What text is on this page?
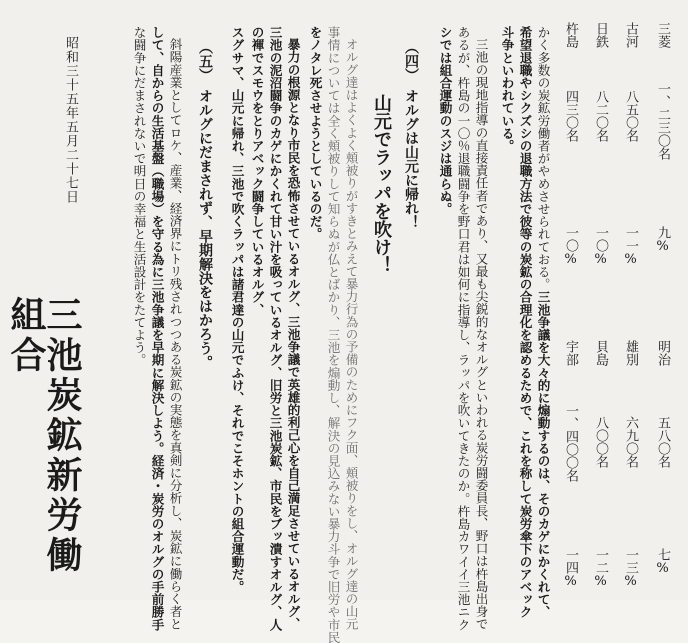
三菱
一、二三〇名
九%
明治
五八〇名
七%
古河
八五〇名
一一%
雄別
六九〇名
一三%
日鉄
八二〇名
一〇%
貝島
八〇〇名
一二%
杵島
四三〇名
一〇%
宇部
一、四〇〇名
一四%
かく多数の炭鉱労働者がやめさせられておる。三池争議を大々的に煽動するのは、そのカゲにかくれて、
希望退職やシクズシの退職方法で彼等の炭鉱の合理化を認めるためで、これを称して炭労傘下のアベック
斗争といわれている。
三池の現地指導の直接責任者であり、又最も尖鋭的なオルグといわれる炭労闘委員長、野口は杵島出身で
あるが、杵島の一〇％退職闘争を野口君は如何に指導し、ラッパを吹いてきたのか。杵島カワイイ三池ニク
シでは組合運動のスジは通らぬ。
（四）　オルグは山元に帰れ！
山元でラッパを吹け！
オルグ達はよくよく頬被りがすきとみえて暴力行為の予備のためにフク面、頬被りをし、オルグ達の山元
事情については全く頬被りして知らぬが仏とばかり、三池を煽動し、解決の見込みない暴力斗争で旧労や市民
をノタレ死させようとしているのだ。
暴力の根源となり市民を恐怖させているオルグ、三池争議で英雄的利己心を自己満足させているオルグ、
三池の泥沼闘争のカゲにかくれて甘い汁を吸っているオルグ、旧労と三池炭鉱、市民をブッ潰すオルグ、人
の褌でスモウをとりアベック闘争しているオルグ、
スグサマ、山元に帰れ、三池で吹くラッパは諸君達の山元でふけ、それでこそホントの組合運動だ。
（五）　オルグにだまされず、早期解決をはかろう。
斜陽産業としてロケ、産業、経済界にトリ残されつつある炭鉱の実態を真剣に分析し、炭鉱に働らく者と
して、自からの生活基盤（職場）を守る為に三池争議を早期に解決しよう。経済・炭労のオルグの手前勝手
な闘争にだまされないで明日の幸福と生活設計をたてよう。
昭和三十五年五月二十七日
三池炭鉱新労働組合
